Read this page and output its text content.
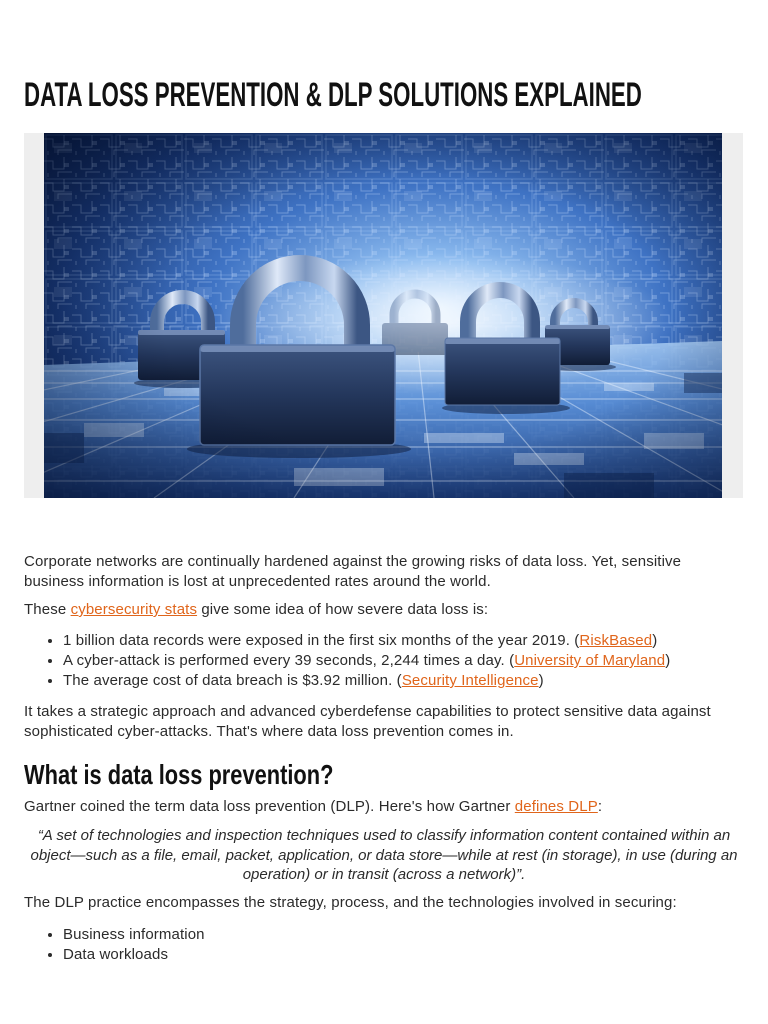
DATA LOSS PREVENTION & DLP SOLUTIONS EXPLAINED

Corporate networks are continually hardened against the growing risks of data loss. Yet, sensitive business information is lost at unprecedented rates around the world.

These cybersecurity stats give some idea of how severe data loss is:

• 1 billion data records were exposed in the first six months of the year 2019. (RiskBased)
• A cyber-attack is performed every 39 seconds, 2,244 times a day. (University of Maryland)
• The average cost of data breach is $3.92 million. (Security Intelligence)

It takes a strategic approach and advanced cyberdefense capabilities to protect sensitive data against sophisticated cyber-attacks. That's where data loss prevention comes in.

What is data loss prevention?

Gartner coined the term data loss prevention (DLP). Here's how Gartner defines DLP:

“A set of technologies and inspection techniques used to classify information content contained within an object—such as a file, email, packet, application, or data store—while at rest (in storage), in use (during an operation) or in transit (across a network)”.

The DLP practice encompasses the strategy, process, and the technologies involved in securing:

• Business information
• Data workloads
